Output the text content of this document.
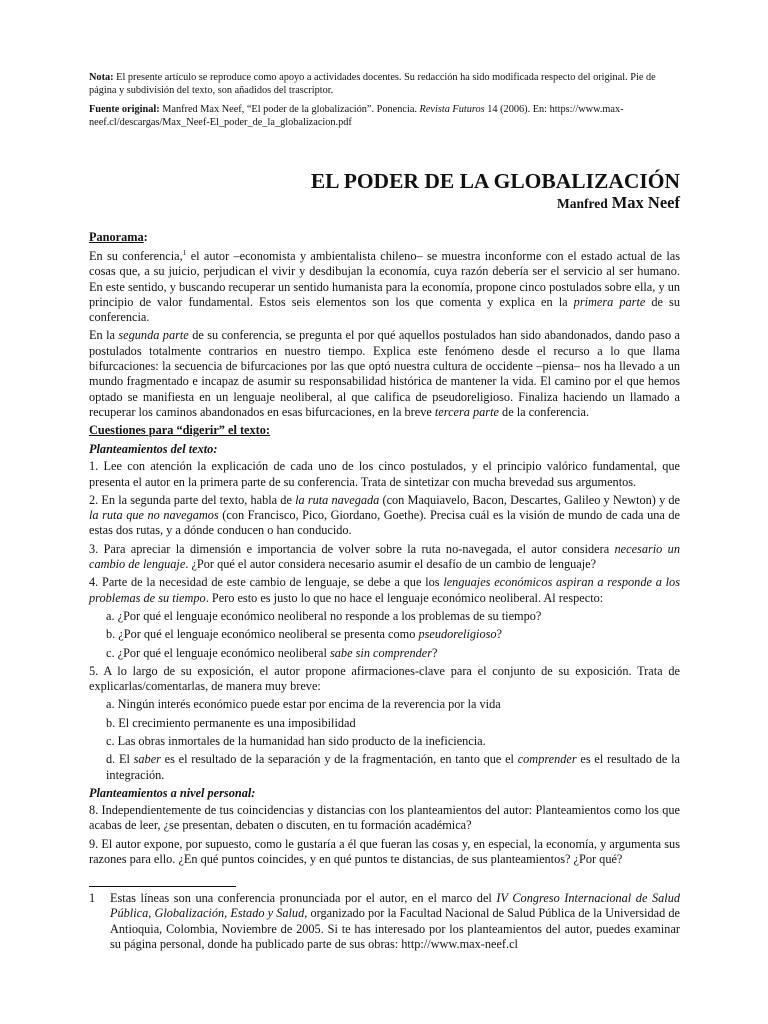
Nota: El presente artículo se reproduce como apoyo a actividades docentes. Su redacción ha sido modificada respecto del original. Pie de página y subdivisión del texto, son añadidos del trascriptor.

Fuente original: Manfred Max Neef, “El poder de la globalización”. Ponencia. Revista Futuros 14 (2006). En: https://www.max-neef.cl/descargas/Max_Neef-El_poder_de_la_globalizacion.pdf

EL PODER DE LA GLOBALIZACIÓN
Manfred Max Neef
Panorama:

En su conferencia,$^1$ el autor –economista y ambientalista chileno– se muestra inconforme con el estado actual de las cosas que, a su juicio, perjudican el vivir y desdibujan la economía, cuya razón debería ser el servicio al ser humano. En este sentido, y buscando recuperar un sentido humanista para la economía, propone cinco postulados sobre ella, y un principio de valor fundamental. Estos seis elementos son los que comenta y explica en la primera parte de su conferencia.

En la segunda parte de su conferencia, se pregunta el por qué aquellos postulados han sido abandonados, dando paso a postulados totalmente contrarios en nuestro tiempo. Explica este fenómeno desde el recurso a lo que llama bifurcaciones: la secuencia de bifurcaciones por las que optó nuestra cultura de occidente –piensa– nos ha llevado a un mundo fragmentado e incapaz de asumir su responsabilidad histórica de mantener la vida. El camino por el que hemos optado se manifiesta en un lenguaje neoliberal, al que califica de pseudoreligioso. Finaliza haciendo un llamado a recuperar los caminos abandonados en esas bifurcaciones, en la breve tercera parte de la conferencia.

Cuestiones para “digerir” el texto:
Planteamientos del texto:

1. Lee con atención la explicación de cada uno de los cinco postulados, y el principio valórico fundamental, que presenta el autor en la primera parte de su conferencia. Trata de sintetizar con mucha brevedad sus argumentos.

2. En la segunda parte del texto, habla de la ruta navegada (con Maquiavelo, Bacon, Descartes, Galileo y Newton) y de la ruta que no navegamos (con Francisco, Pico, Giordano, Goethe). Precisa cuál es la visión de mundo de cada una de estas dos rutas, y a dónde conducen o han conducido.

3. Para apreciar la dimensión e importancia de volver sobre la ruta no-navegada, el autor considera necesario un cambio de lenguaje. ¿Por qué el autor considera necesario asumir el desafío de un cambio de lenguaje?

4. Parte de la necesidad de este cambio de lenguaje, se debe a que los lenguajes económicos aspiran a responde a los problemas de su tiempo. Pero esto es justo lo que no hace el lenguaje económico neoliberal. Al respecto:

a. ¿Por qué el lenguaje económico neoliberal no responde a los problemas de su tiempo?
b. ¿Por qué el lenguaje económico neoliberal se presenta como pseudoreligioso?
c. ¿Por qué el lenguaje económico neoliberal sabe sin comprender?

5. A lo largo de su exposición, el autor propone afirmaciones-clave para el conjunto de su exposición. Trata de explicarlas/comentarlas, de manera muy breve:

a. Ningún interés económico puede estar por encima de la reverencia por la vida
b. El crecimiento permanente es una imposibilidad
c. Las obras inmortales de la humanidad han sido producto de la ineficiencia.
d. El saber es el resultado de la separación y de la fragmentación, en tanto que el comprender es el resultado de la integración.
Planteamientos a nivel personal:

8. Independientemente de tus coincidencias y distancias con los planteamientos del autor: Planteamientos como los que acabas de leer, ¿se presentan, debaten o discuten, en tu formación académica?

9. El autor expone, por supuesto, como le gustaría a él que fueran las cosas y, en especial, la economía, y argumenta sus razones para ello. ¿En qué puntos coincides, y en qué puntos te distancias, de sus planteamientos? ¿Por qué?

1 Estas líneas son una conferencia pronunciada por el autor, en el marco del IV Congreso Internacional de Salud Pública, Globalización, Estado y Salud, organizado por la Facultad Nacional de Salud Pública de la Universidad de Antioquia, Colombia, Noviembre de 2005. Si te has interesado por los planteamientos del autor, puedes examinar su página personal, donde ha publicado parte de sus obras: http://www.max-neef.cl
